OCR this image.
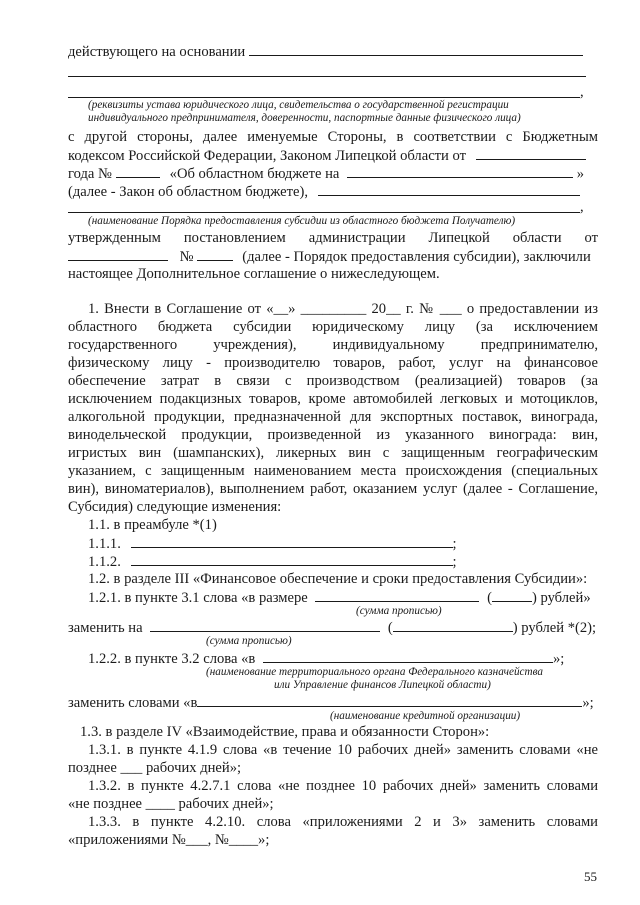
действующего на основании
,
(реквизиты устава юридического лица, свидетельства о государственной регистрации
индивидуального предпринимателя, доверенности, паспортные данные физического лица)
с другой стороны, далее именуемые Стороны, в соответствии с Бюджетным
кодексом Российской Федерации, Законом Липецкой области от
года №	«Об областном бюджете на	»
(далее - Закон об областном бюджете),
,
(наименование Порядка предоставления субсидии из областного бюджета Получателю)
утвержденным постановлением администрации Липецкой области от
№	(далее - Порядок предоставления субсидии), заключили
настоящее Дополнительное соглашение о нижеследующем.
1. Внести в Соглашение от «__» _________ 20__ г. № ___ о предоставлении из
областного бюджета субсидии юридическому лицу (за исключением
государственного учреждения), индивидуальному предпринимателю,
физическому лицу - производителю товаров, работ, услуг на финансовое
обеспечение затрат в связи с производством (реализацией) товаров (за
исключением подакцизных товаров, кроме автомобилей легковых и мотоциклов,
алкогольной продукции, предназначенной для экспортных поставок, винограда,
винодельческой продукции, произведенной из указанного винограда: вин,
игристых вин (шампанских), ликерных вин с защищенным географическим
указанием, с защищенным наименованием места происхождения (специальных
вин), виноматериалов), выполнением работ, оказанием услуг (далее - Соглашение,
Субсидия) следующие изменения:
1.1. в преамбуле *(1)
1.1.1.	;
1.1.2.	;
1.2. в разделе III «Финансовое обеспечение и сроки предоставления Субсидии»:
1.2.1. в пункте 3.1 слова «в размере	(	) рублей»
(сумма прописью)
заменить на	(	) рублей *(2);
(сумма прописью)
1.2.2. в пункте 3.2 слова «в	»;
(наименование территориального органа Федерального казначейства
или Управление финансов Липецкой области)
заменить словами «в	»;
(наименование кредитной организации)
1.3. в разделе IV «Взаимодействие, права и обязанности Сторон»:
1.3.1. в пункте 4.1.9 слова «в течение 10 рабочих дней» заменить словами «не
позднее ___ рабочих дней»;
1.3.2. в пункте 4.2.7.1 слова «не позднее 10 рабочих дней» заменить словами
«не позднее ____ рабочих дней»;
1.3.3. в пункте 4.2.10. слова «приложениями 2 и 3» заменить словами
«приложениями №___, №____»;
55
